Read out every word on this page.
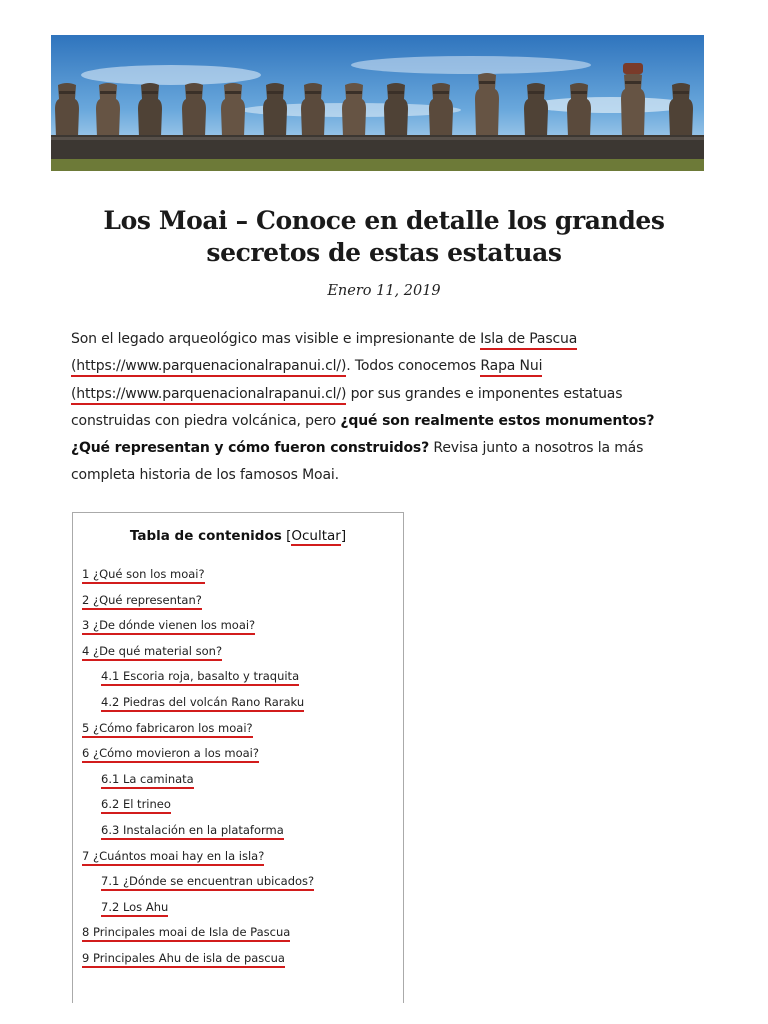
Los Moai – Conoce en detalle los grandes
secretos de estas estatuas
Enero 11, 2019

Son el legado arqueológico mas visible e impresionante de Isla de Pascua
(https://www.parquenacionalrapanui.cl/). Todos conocemos Rapa Nui
(https://www.parquenacionalrapanui.cl/) por sus grandes e imponentes estatuas construidas con piedra volcánica, pero ¿qué son realmente estos monumentos? ¿Qué representan y cómo fueron construidos? Revisa junto a nosotros la más completa historia de los famosos Moai.

Tabla de contenidos [Ocultar]
1 ¿Qué son los moai?
2 ¿Qué representan?
3 ¿De dónde vienen los moai?
4 ¿De qué material son?
4.1 Escoria roja, basalto y traquita
4.2 Piedras del volcán Rano Raraku
5 ¿Cómo fabricaron los moai?
6 ¿Cómo movieron a los moai?
6.1 La caminata
6.2 El trineo
6.3 Instalación en la plataforma
7 ¿Cuántos moai hay en la isla?
7.1 ¿Dónde se encuentran ubicados?
7.2 Los Ahu
8 Principales moai de Isla de Pascua
9 Principales Ahu de isla de pascua
